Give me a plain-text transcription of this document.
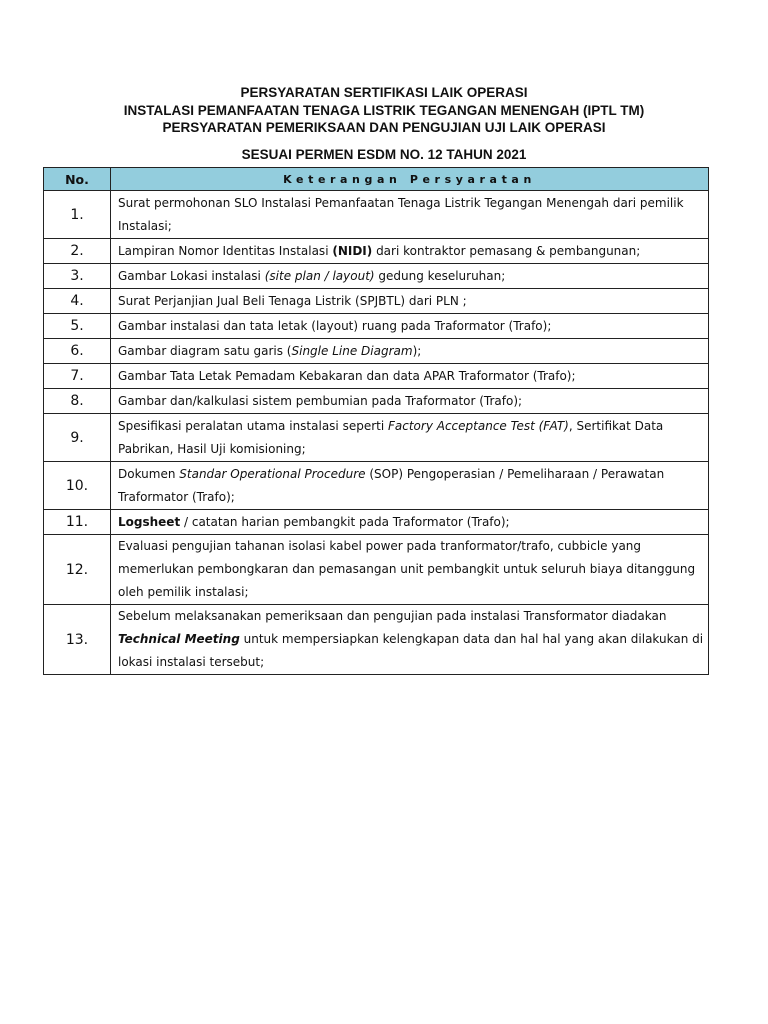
PERSYARATAN SERTIFIKASI LAIK OPERASI
INSTALASI PEMANFAATAN TENAGA LISTRIK TEGANGAN MENENGAH (IPTL TM)
PERSYARATAN PEMERIKSAAN DAN PENGUJIAN UJI LAIK OPERASI
SESUAI PERMEN ESDM NO. 12 TAHUN 2021
No.	Keterangan Persyaratan
1.	Surat permohonan SLO Instalasi Pemanfaatan Tenaga Listrik Tegangan Menengah dari pemilik Instalasi;
2.	Lampiran Nomor Identitas Instalasi (NIDI) dari kontraktor pemasang & pembangunan;
3.	Gambar Lokasi instalasi (site plan / layout) gedung keseluruhan;
4.	Surat Perjanjian Jual Beli Tenaga Listrik (SPJBTL) dari PLN ;
5.	Gambar instalasi dan tata letak (layout) ruang pada Traformator (Trafo);
6.	Gambar diagram satu garis (Single Line Diagram);
7.	Gambar Tata Letak Pemadam Kebakaran dan data APAR Traformator (Trafo);
8.	Gambar dan/kalkulasi sistem pembumian pada Traformator (Trafo);
9.	Spesifikasi peralatan utama instalasi seperti Factory Acceptance Test (FAT), Sertifikat Data Pabrikan, Hasil Uji komisioning;
10.	Dokumen Standar Operational Procedure (SOP) Pengoperasian / Pemeliharaan / Perawatan Traformator (Trafo);
11.	Logsheet / catatan harian pembangkit pada Traformator (Trafo);
12.	Evaluasi pengujian tahanan isolasi kabel power pada tranformator/trafo, cubbicle yang memerlukan pembongkaran dan pemasangan unit pembangkit untuk seluruh biaya ditanggung oleh pemilik instalasi;
13.	Sebelum melaksanakan pemeriksaan dan pengujian pada instalasi Transformator diadakan Technical Meeting untuk mempersiapkan kelengkapan data dan hal hal yang akan dilakukan di lokasi instalasi tersebut;
